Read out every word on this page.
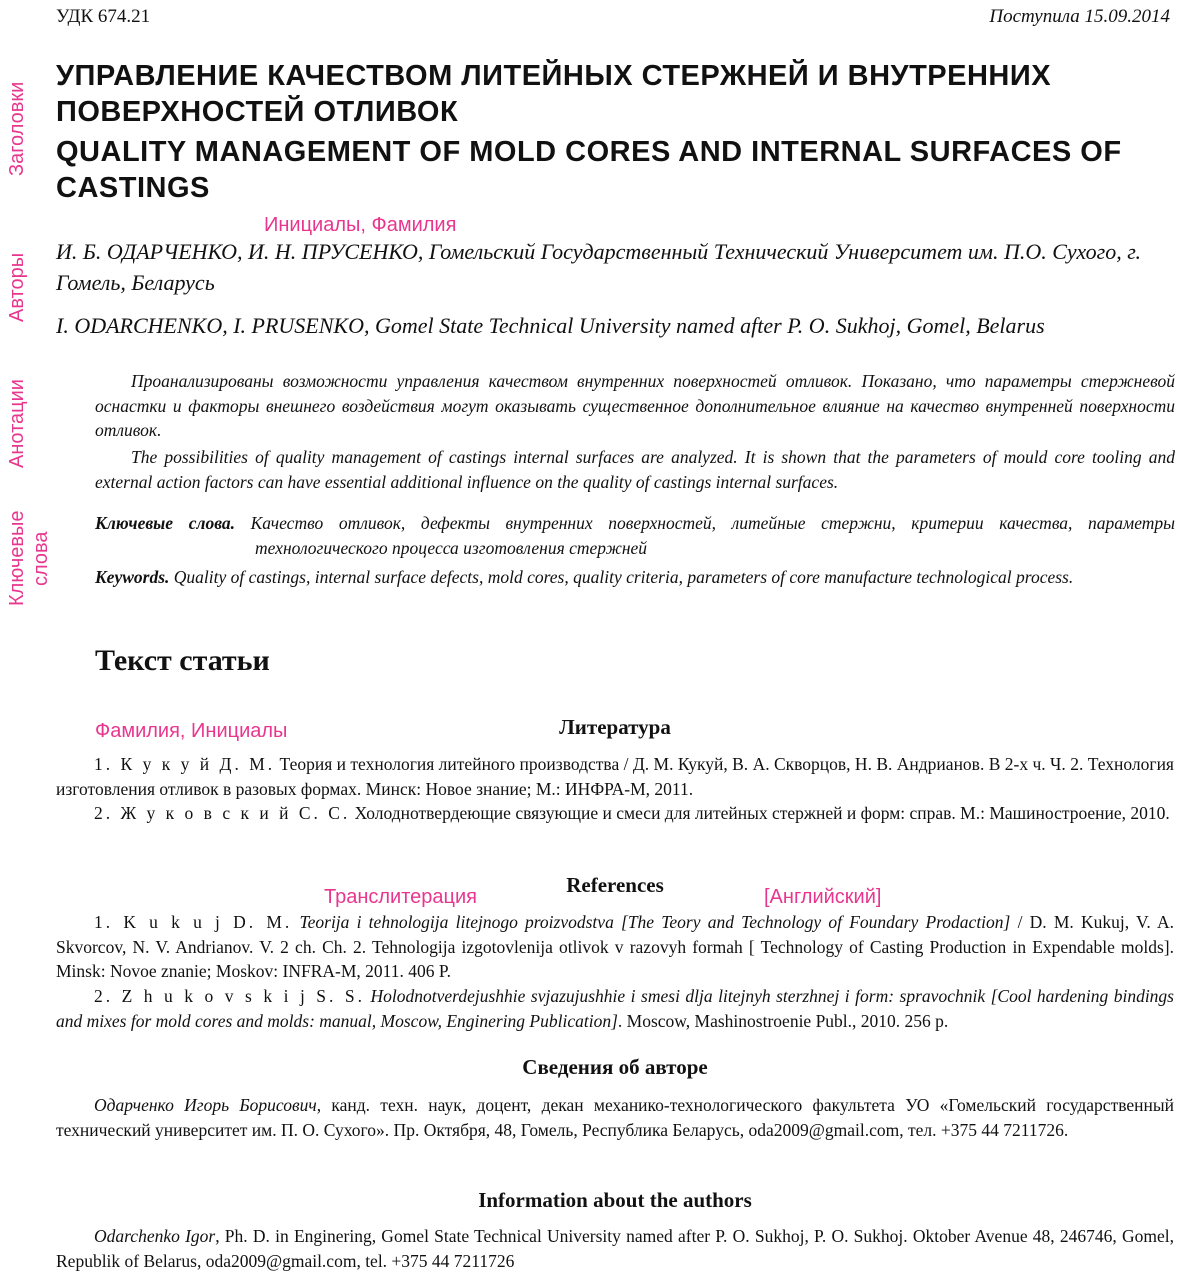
УДК 674.21	Поступила 15.09.2014
Заголовки
Авторы
Анотации
Ключевые слова
УПРАВЛЕНИЕ КАЧЕСТВОМ ЛИТЕЙНЫХ СТЕРЖНЕЙ И ВНУТРЕННИХ ПОВЕРХНОСТЕЙ ОТЛИВОК
QUALITY MANAGEMENT OF MOLD CORES AND INTERNAL SURFACES OF CASTINGS
Инициалы, Фамилия
И. Б. ОДАРЧЕНКО, И. Н. ПРУСЕНКО, Гомельский Государственный Технический Университет им. П.О. Сухого, г. Гомель, Беларусь
I. ODARCHENKO, I. PRUSENKO, Gomel State Technical University named after P. O. Sukhoj, Gomel, Belarus
Проанализированы возможности управления качеством внутренних поверхностей отливок. Показано, что параметры стержневой оснастки и факторы внешнего воздействия могут оказывать существенное дополнительное влияние на качество внутренней поверхности отливок.
The possibilities of quality management of castings internal surfaces are analyzed. It is shown that the parameters of mould core tooling and external action factors can have essential additional influence on the quality of castings internal surfaces.
Ключевые слова. Качество отливок, дефекты внутренних поверхностей, литейные стержни, критерии качества, параметры технологического процесса изготовления стержней
Keywords. Quality of castings, internal surface defects, mold cores, quality criteria, parameters of core manufacture technological process.
Текст статьи
Фамилия, Инициалы	Литература
1. К у к у й Д. М. Теория и технология литейного производства / Д. М. Кукуй, В. А. Скворцов, Н. В. Андрианов. В 2-х ч. Ч. 2. Технология изготовления отливок в разовых формах. Минск: Новое знание; М.: ИНФРА-М, 2011.
2. Ж у к о в с к и й С. С. Холоднотвердеющие связующие и смеси для литейных стержней и форм: справ. М.: Машиностроение, 2010.
References
Транслитерация	[Английский]
1. K u k u j D. M. Teorija i tehnologija litejnogo proizvodstva [The Teory and Technology of Foundary Prodaction] / D. M. Kukuj, V. A. Skvorcov, N. V. Andrianov. V. 2 ch. Ch. 2. Tehnologija izgotovlenija otlivok v razovyh formah [ Technology of Casting Production in Expendable molds]. Minsk: Novoe znanie; Moskov: INFRA-M, 2011. 406 P.
2. Z h u k o v s k i j S. S. Holodnotverdejushhie svjazujushhie i smesi dlja litejnyh sterzhnej i form: spravochnik [Cool hardening bindings and mixes for mold cores and molds: manual, Moscow, Enginering Publication]. Moscow, Mashinostroenie Publ., 2010. 256 p.
Сведения об авторе
Одарченко Игорь Борисович, канд. техн. наук, доцент, декан механико-технологического факультета УО «Гомельский государственный технический университет им. П. О. Сухого». Пр. Октября, 48, Гомель, Республика Беларусь, oda2009@gmail.com, тел. +375 44 7211726.
Information about the authors
Odarchenko Igor, Ph. D. in Enginering, Gomel State Technical University named after P. O. Sukhoj, P. O. Sukhoj. Oktober Avenue 48, 246746, Gomel, Republik of Belarus, oda2009@gmail.com, tel. +375 44 7211726
